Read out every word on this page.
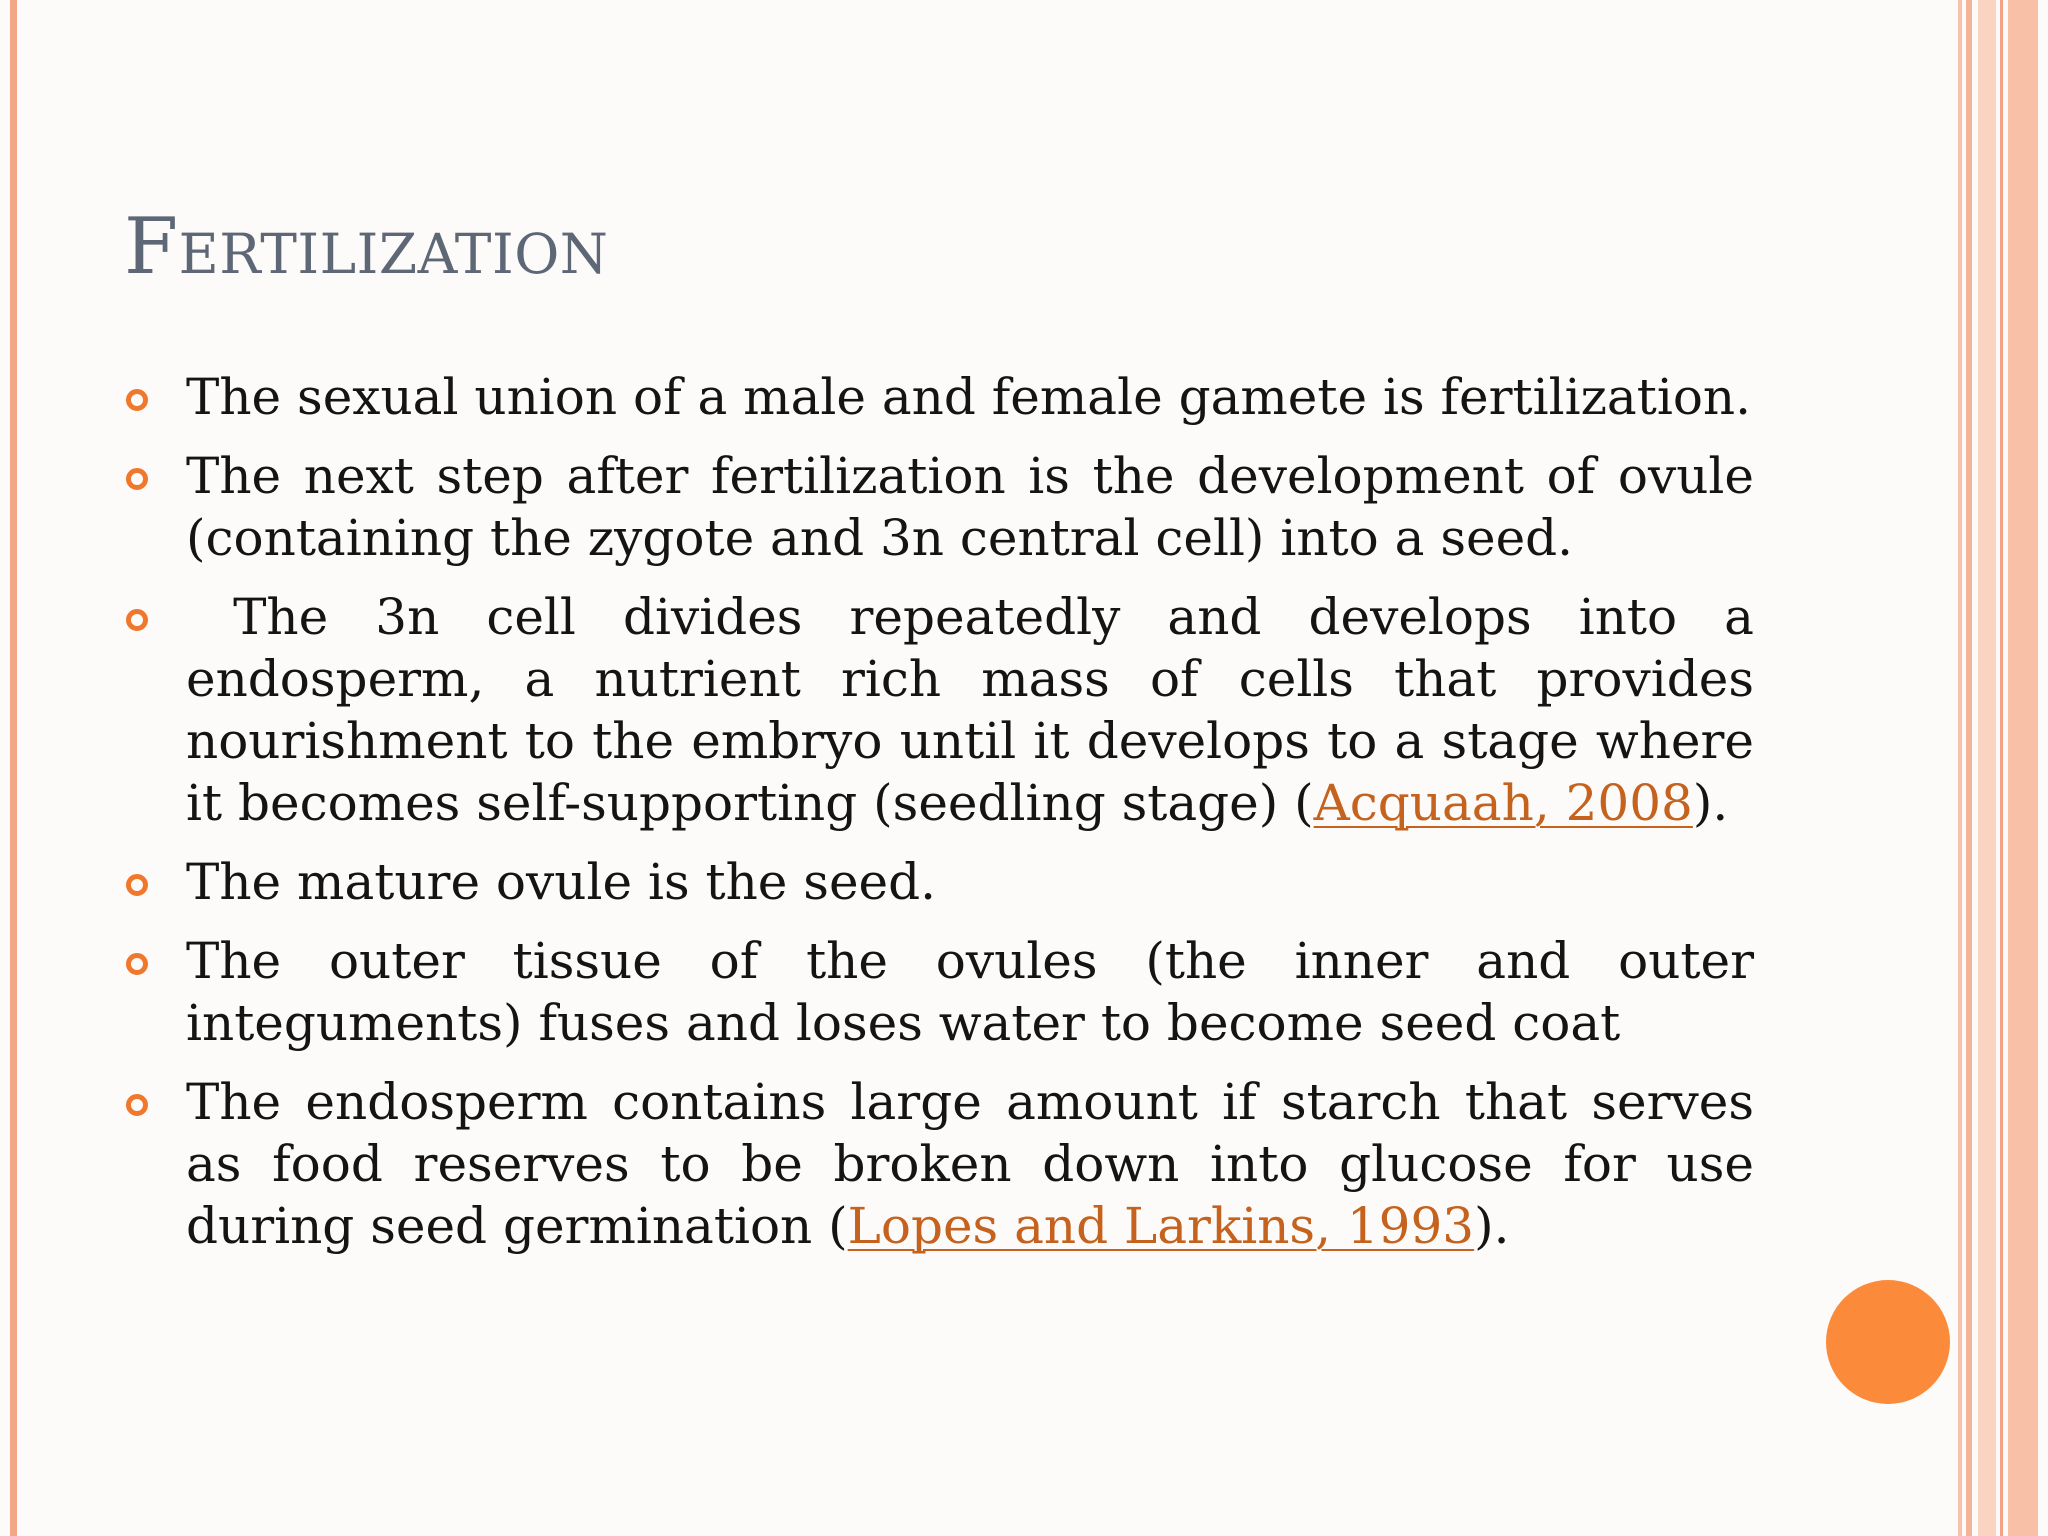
Fertilization
The sexual union of a male and female gamete is fertilization.
The next step after fertilization is the development of ovule (containing the zygote and 3n central cell) into a seed.
The 3n cell divides repeatedly and develops into a endosperm, a nutrient rich mass of cells that provides nourishment to the embryo until it develops to a stage where it becomes self-supporting (seedling stage) (Acquaah, 2008).
The mature ovule is the seed.
The outer tissue of the ovules (the inner and outer integuments) fuses and loses water to become seed coat
The endosperm contains large amount if starch that serves as food reserves to be broken down into glucose for use during seed germination (Lopes and Larkins, 1993).
